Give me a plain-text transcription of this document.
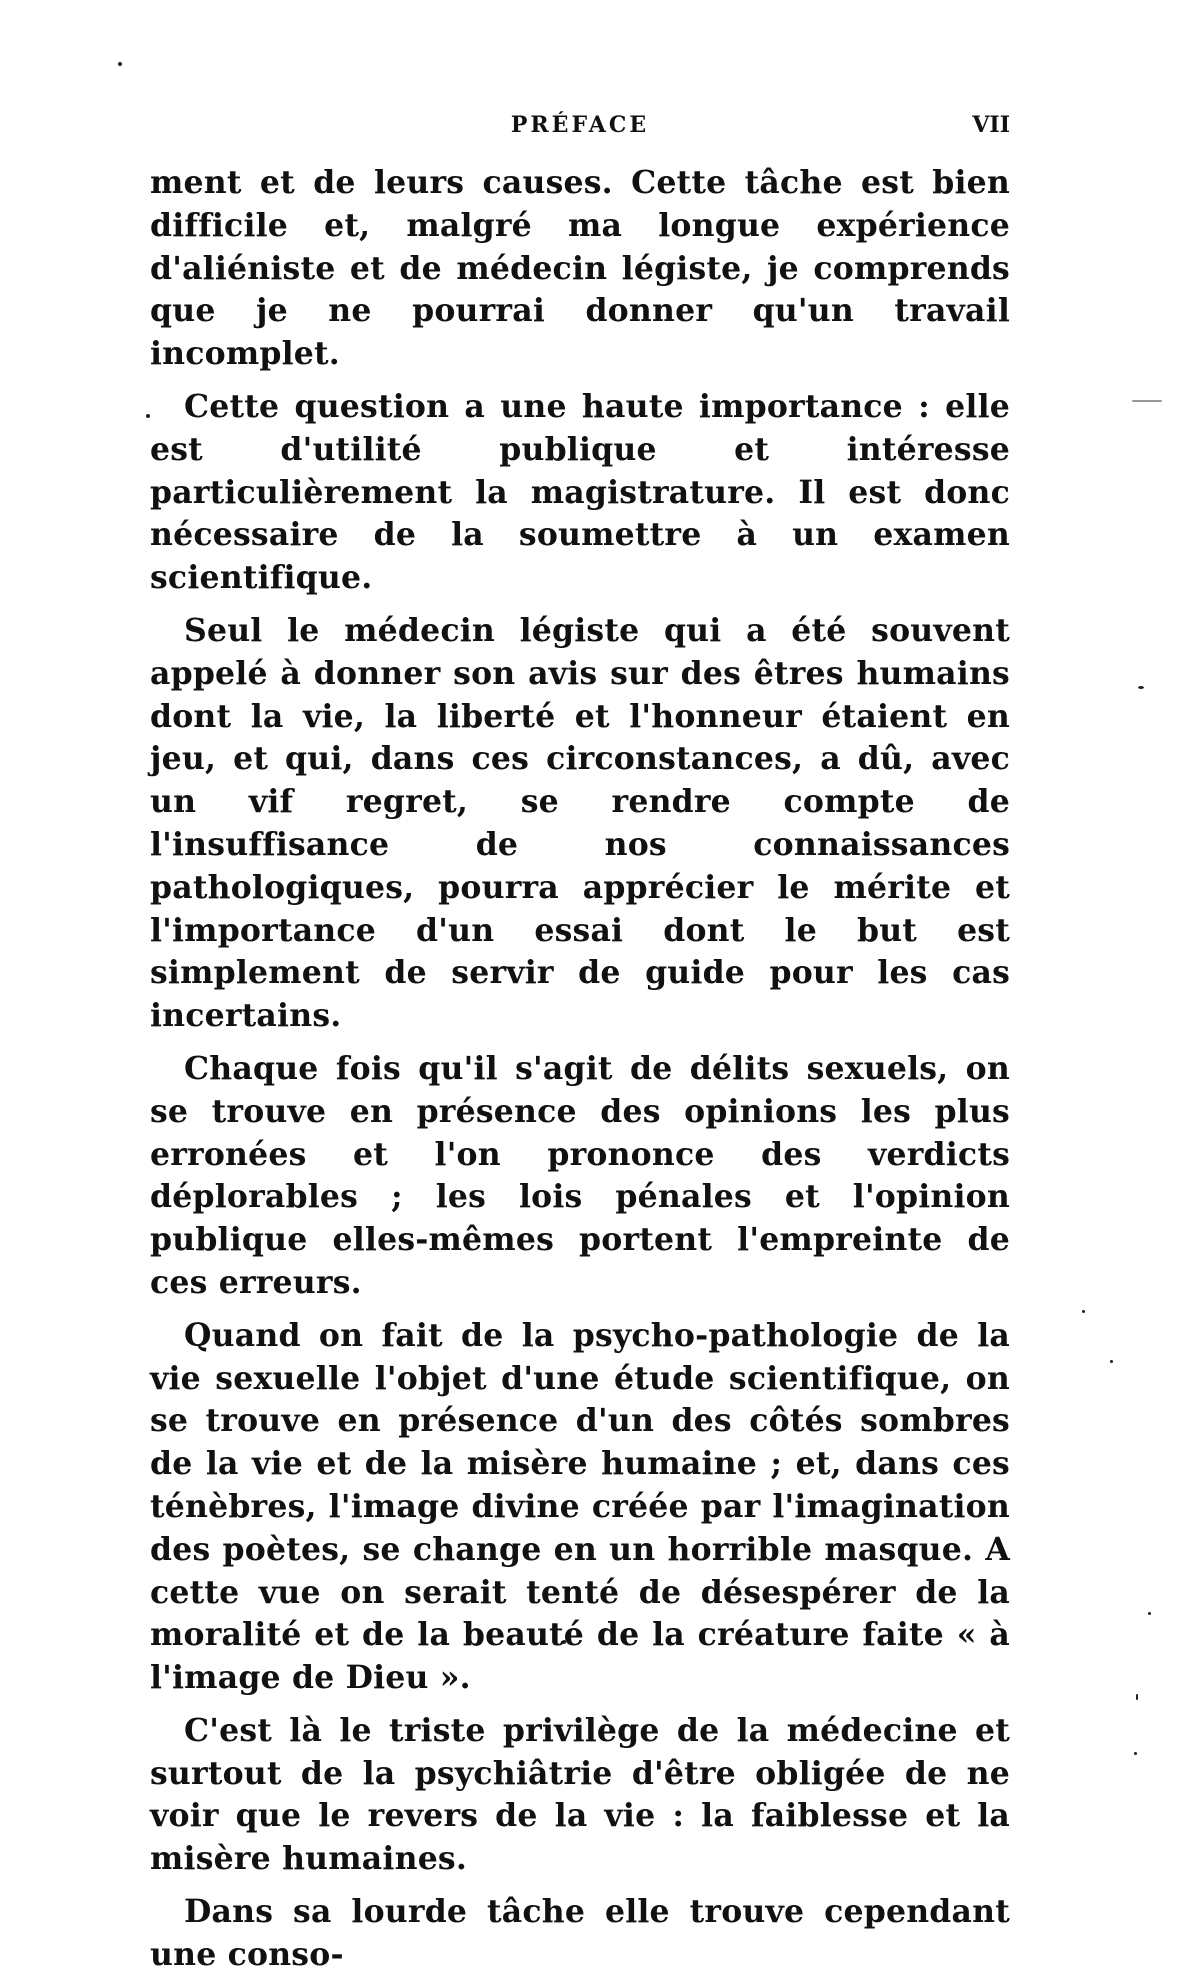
PRÉFACE	VII

ment et de leurs causes. Cette tâche est bien difficile et, malgré ma longue expérience d'aliéniste et de médecin légiste, je comprends que je ne pourrai donner qu'un travail incomplet.

Cette question a une haute importance : elle est d'utilité publique et intéresse particulièrement la magistrature. Il est donc nécessaire de la soumettre à un examen scientifique.

Seul le médecin légiste qui a été souvent appelé à donner son avis sur des êtres humains dont la vie, la liberté et l'honneur étaient en jeu, et qui, dans ces circonstances, a dû, avec un vif regret, se rendre compte de l'insuffisance de nos connaissances pathologiques, pourra apprécier le mérite et l'importance d'un essai dont le but est simplement de servir de guide pour les cas incertains.

Chaque fois qu'il s'agit de délits sexuels, on se trouve en présence des opinions les plus erronées et l'on prononce des verdicts déplorables ; les lois pénales et l'opinion publique elles-mêmes portent l'empreinte de ces erreurs.

Quand on fait de la psycho-pathologie de la vie sexuelle l'objet d'une étude scientifique, on se trouve en présence d'un des côtés sombres de la vie et de la misère humaine ; et, dans ces ténèbres, l'image divine créée par l'imagination des poètes, se change en un horrible masque. A cette vue on serait tenté de désespérer de la moralité et de la beauté de la créature faite « à l'image de Dieu ».

C'est là le triste privilège de la médecine et surtout de la psychiâtrie d'être obligée de ne voir que le revers de la vie : la faiblesse et la misère humaines.

Dans sa lourde tâche elle trouve cependant une conso-
